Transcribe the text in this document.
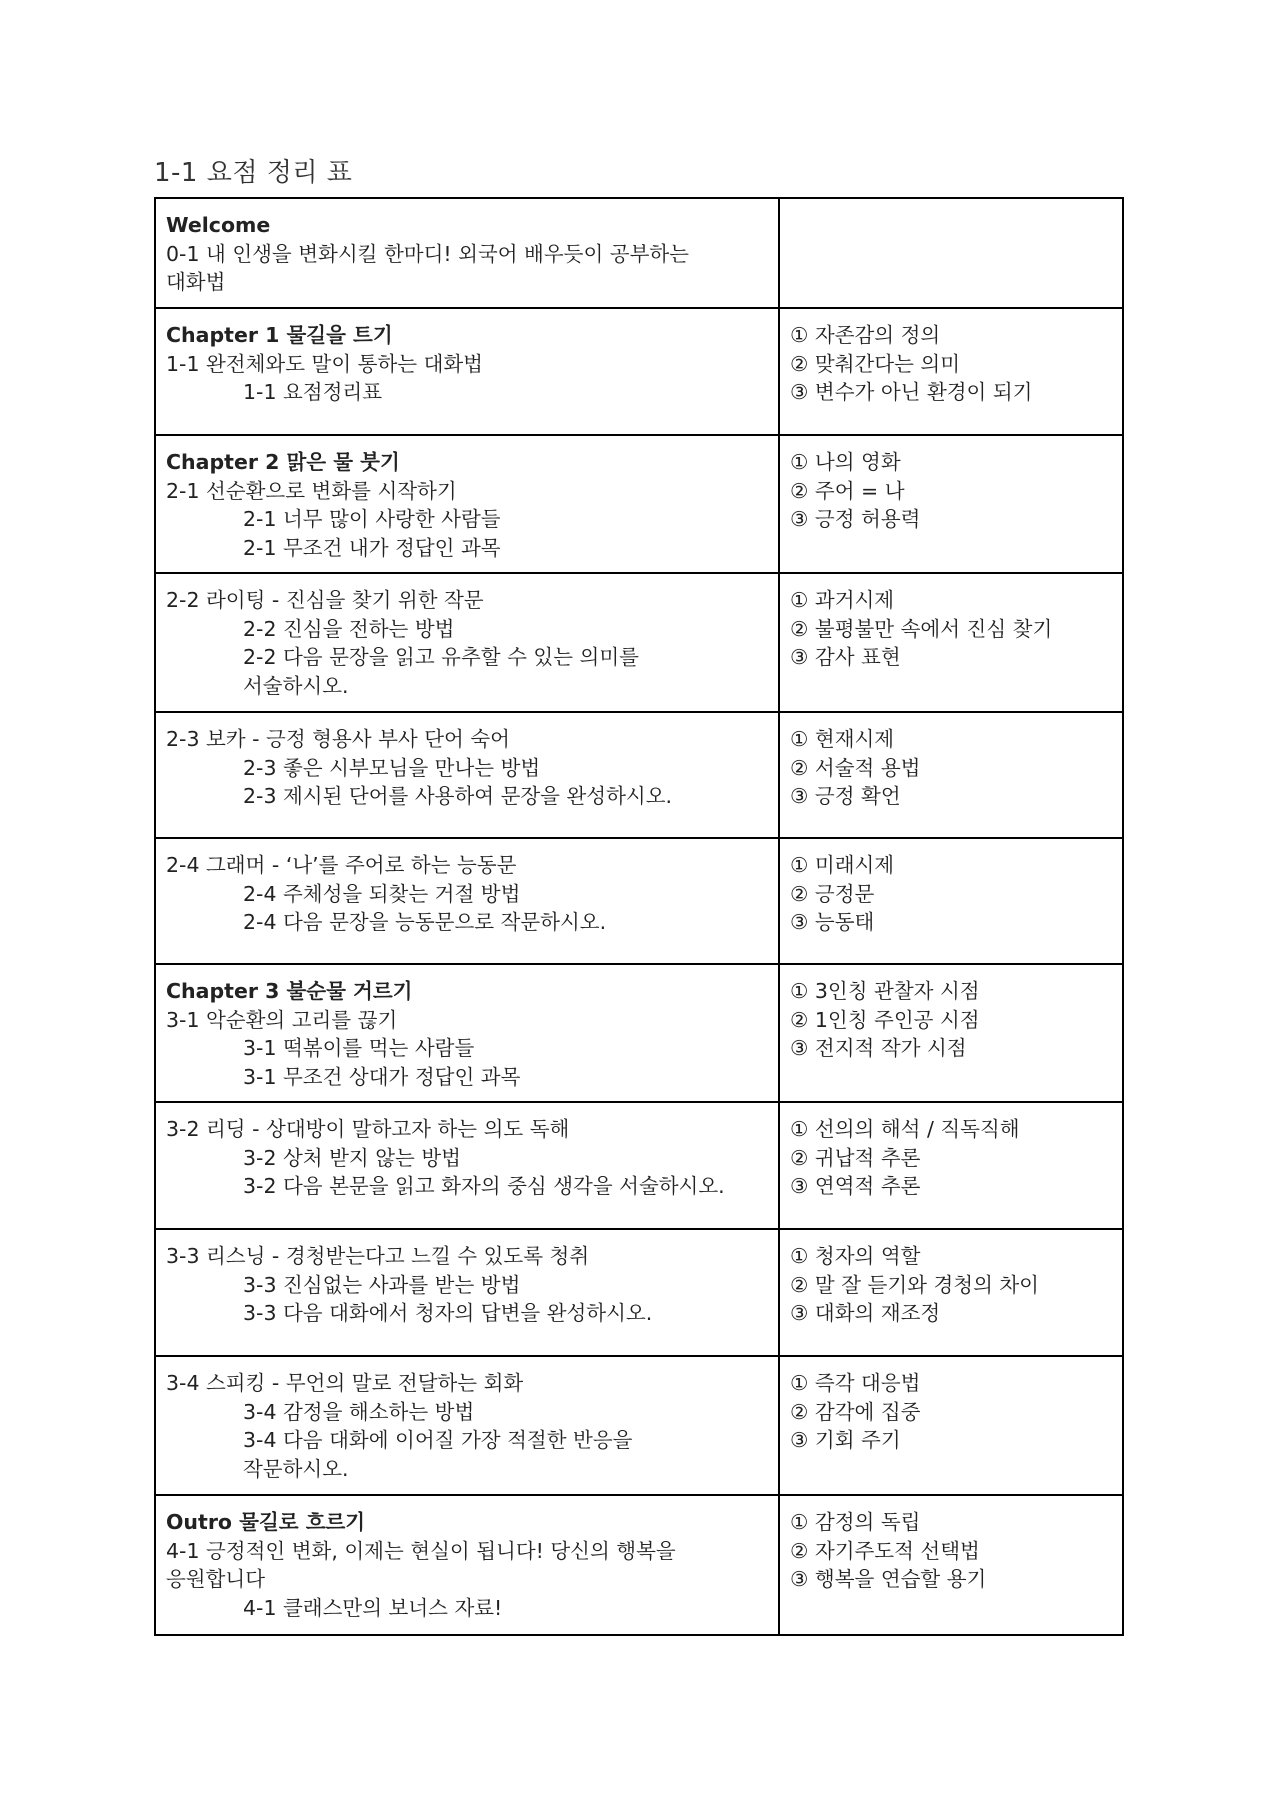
1-1 요점 정리 표
Welcome
0-1 내 인생을 변화시킬 한마디! 외국어 배우듯이 공부하는
대화법	

Chapter 1 물길을 트기
1-1 완전체와도 말이 통하는 대화법
1-1 요점정리표	① 자존감의 정의
② 맞춰간다는 의미
③ 변수가 아닌 환경이 되기

Chapter 2 맑은 물 붓기
2-1 선순환으로 변화를 시작하기
2-1 너무 많이 사랑한 사람들
2-1 무조건 내가 정답인 과목	① 나의 영화
② 주어 = 나
③ 긍정 허용력

2-2 라이팅 - 진심을 찾기 위한 작문
2-2 진심을 전하는 방법
2-2 다음 문장을 읽고 유추할 수 있는 의미를
서술하시오.	① 과거시제
② 불평불만 속에서 진심 찾기
③ 감사 표현

2-3 보카 - 긍정 형용사 부사 단어 숙어
2-3 좋은 시부모님을 만나는 방법
2-3 제시된 단어를 사용하여 문장을 완성하시오.	① 현재시제
② 서술적 용법
③ 긍정 확언

2-4 그래머 - ‘나’를 주어로 하는 능동문
2-4 주체성을 되찾는 거절 방법
2-4 다음 문장을 능동문으로 작문하시오.	① 미래시제
② 긍정문
③ 능동태

Chapter 3 불순물 거르기
3-1 악순환의 고리를 끊기
3-1 떡볶이를 먹는 사람들
3-1 무조건 상대가 정답인 과목	① 3인칭 관찰자 시점
② 1인칭 주인공 시점
③ 전지적 작가 시점

3-2 리딩 - 상대방이 말하고자 하는 의도 독해
3-2 상처 받지 않는 방법
3-2 다음 본문을 읽고 화자의 중심 생각을 서술하시오.	① 선의의 해석 / 직독직해
② 귀납적 추론
③ 연역적 추론

3-3 리스닝 - 경청받는다고 느낄 수 있도록 청취
3-3 진심없는 사과를 받는 방법
3-3 다음 대화에서 청자의 답변을 완성하시오.	① 청자의 역할
② 말 잘 듣기와 경청의 차이
③ 대화의 재조정

3-4 스피킹 - 무언의 말로 전달하는 회화
3-4 감정을 해소하는 방법
3-4 다음 대화에 이어질 가장 적절한 반응을
작문하시오.	① 즉각 대응법
② 감각에 집중
③ 기회 주기

Outro 물길로 흐르기
4-1 긍정적인 변화, 이제는 현실이 됩니다! 당신의 행복을
응원합니다
4-1 클래스만의 보너스 자료!	① 감정의 독립
② 자기주도적 선택법
③ 행복을 연습할 용기
